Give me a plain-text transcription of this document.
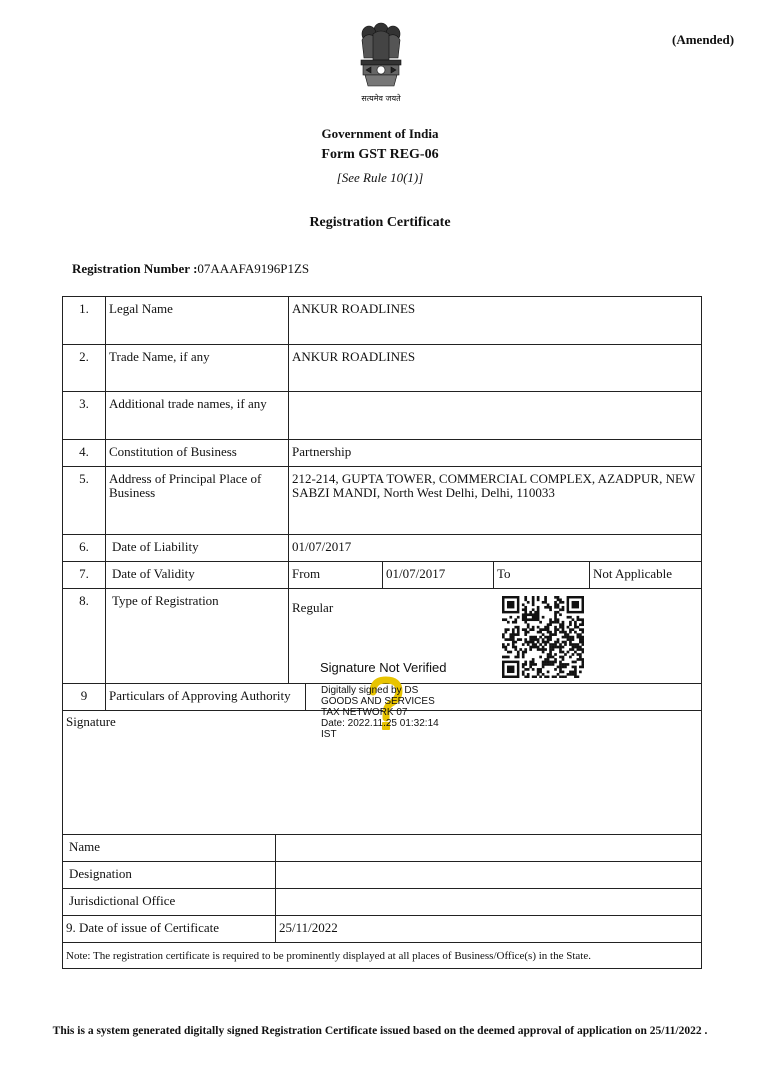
(Amended)
सत्यमेव जयते
Government of India
Form GST REG-06
[See Rule 10(1)]
Registration Certificate
Registration Number :07AAAFA9196P1ZS
1.	Legal Name	ANKUR ROADLINES
2.	Trade Name, if any	ANKUR ROADLINES
3.	Additional trade names, if any
4.	Constitution of Business	Partnership
5.	Address of Principal Place of Business
212-214, GUPTA TOWER, COMMERCIAL COMPLEX, AZADPUR, NEW SABZI MANDI, North West Delhi, Delhi, 110033
6.	Date of Liability	01/07/2017
7.	Date of Validity	From	01/07/2017	To	Not Applicable
8.	Type of Registration	Regular
9	Particulars of Approving Authority
Signature
Name
Designation
Jurisdictional Office
9. Date of issue of Certificate	25/11/2022
Note: The registration certificate is required to be prominently displayed at all places of Business/Office(s) in the State.
Signature Not Verified
Digitally signed by DS
GOODS AND SERVICES
TAX NETWORK 07
Date: 2022.11.25 01:32:14
IST
This is a system generated digitally signed Registration Certificate issued based on the deemed approval of application on 25/11/2022 .
